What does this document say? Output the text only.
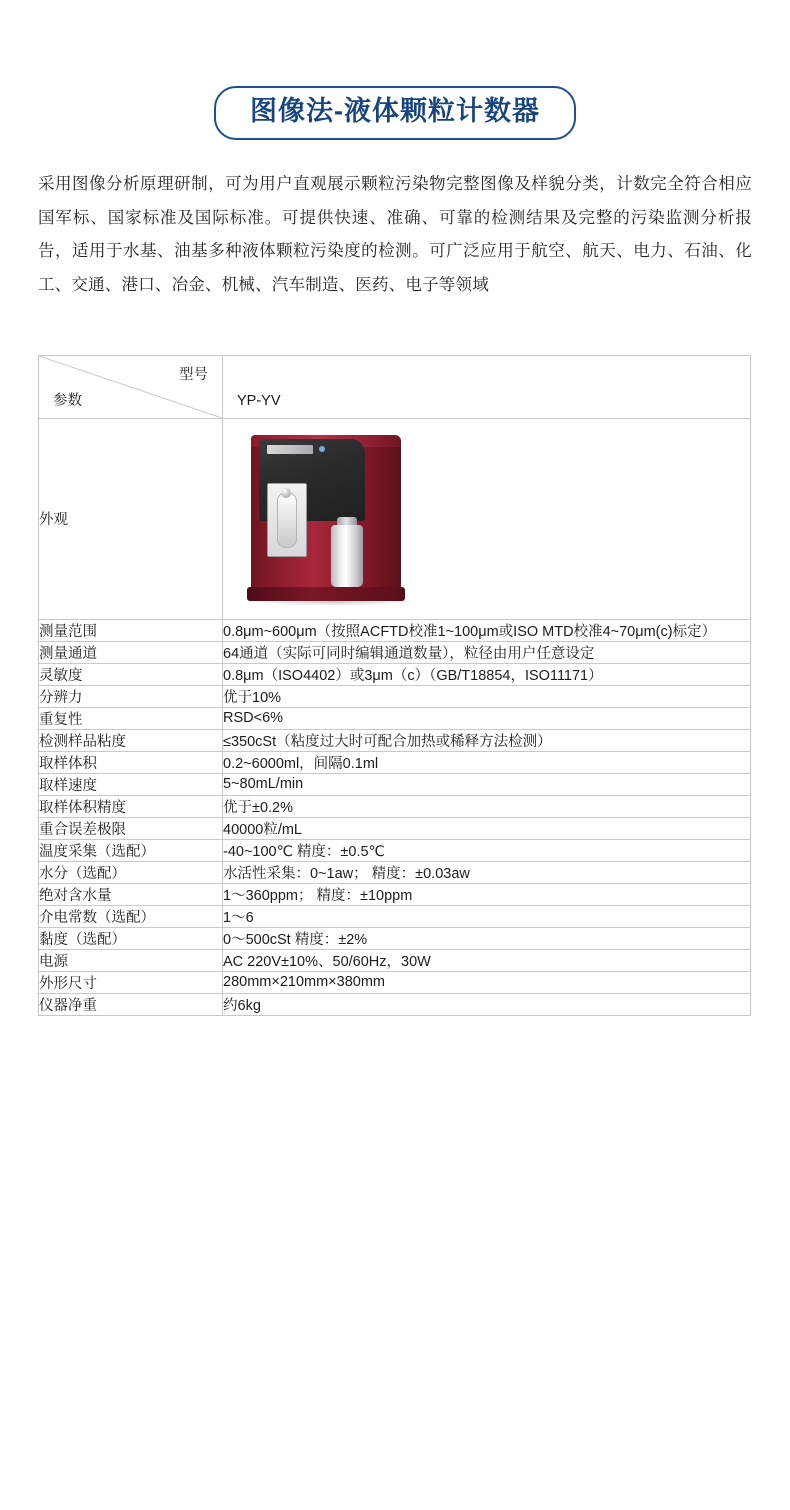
图像法-液体颗粒计数器

采用图像分析原理研制，可为用户直观展示颗粒污染物完整图像及样貌分类，计数完全符合相应国军标、国家标准及国际标准。可提供快速、准确、可靠的检测结果及完整的污染监测分析报告，适用于水基、油基多种液体颗粒污染度的检测。可广泛应用于航空、航天、电力、石油、化工、交通、港口、冶金、机械、汽车制造、医药、电子等领域

型号
参数	YP-YV

外观	

测量范围	0.8μm~600μm（按照ACFTD校准1~100μm或ISO MTD校准4~70μm(c)标定）
测量通道	64通道（实际可同时编辑通道数量），粒径由用户任意设定
灵敏度	0.8μm（ISO4402）或3μm（c）（GB/T18854，ISO11171）
分辨力	优于10%
重复性	RSD<6%
检测样品粘度	≤350cSt（粘度过大时可配合加热或稀释方法检测）
取样体积	0.2~6000ml，间隔0.1ml
取样速度	5~80mL/min
取样体积精度	优于±0.2%
重合误差极限	40000粒/mL
温度采集（选配）	-40~100℃ 精度：±0.5℃
水分（选配）	水活性采集：0~1aw； 精度：±0.03aw
绝对含水量	1～360ppm； 精度：±10ppm
介电常数（选配）	1～6
黏度（选配）	0～500cSt 精度：±2%
电源	AC 220V±10%、50/60Hz，30W
外形尺寸	280mm×210mm×380mm
仪器净重	约6kg
